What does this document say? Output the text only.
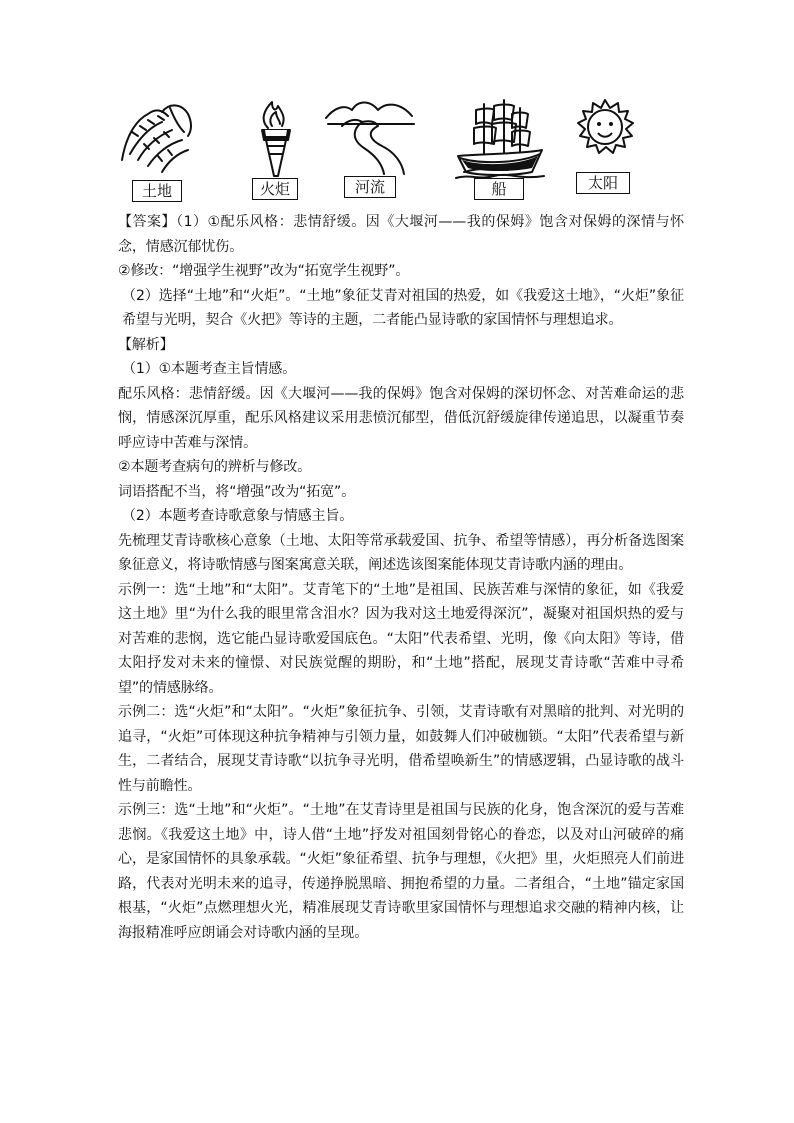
土地	火炬	河流	船	太阳

【答案】（1）①配乐风格：悲情舒缓。因《大堰河——我的保姆》饱含对保姆的深情与怀念，情感沉郁忧伤。

②修改：“增强学生视野”改为“拓宽学生视野”。

（2）选择“土地”和“火炬”。“土地”象征艾青对祖国的热爱，如《我爱这土地》，“火炬”象征希望与光明，契合《火把》等诗的主题，二者能凸显诗歌的家国情怀与理想追求。

【解析】

（1）①本题考查主旨情感。

配乐风格：悲情舒缓。因《大堰河——我的保姆》饱含对保姆的深切怀念、对苦难命运的悲悯，情感深沉厚重，配乐风格建议采用悲愤沉郁型，借低沉舒缓旋律传递追思，以凝重节奏呼应诗中苦难与深情。

②本题考查病句的辨析与修改。

词语搭配不当，将“增强”改为“拓宽”。

（2）本题考查诗歌意象与情感主旨。

先梳理艾青诗歌核心意象（土地、太阳等常承载爱国、抗争、希望等情感），再分析备选图案象征意义，将诗歌情感与图案寓意关联，阐述选该图案能体现艾青诗歌内涵的理由。

示例一：选“土地”和“太阳”。艾青笔下的“土地”是祖国、民族苦难与深情的象征，如《我爱这土地》里“为什么我的眼里常含泪水？因为我对这土地爱得深沉”，凝聚对祖国炽热的爱与对苦难的悲悯，选它能凸显诗歌爱国底色。“太阳”代表希望、光明，像《向太阳》等诗，借太阳抒发对未来的憧憬、对民族觉醒的期盼，和“土地”搭配，展现艾青诗歌“苦难中寻希望”的情感脉络。

示例二：选“火炬”和“太阳”。“火炬”象征抗争、引领，艾青诗歌有对黑暗的批判、对光明的追寻，“火炬”可体现这种抗争精神与引领力量，如鼓舞人们冲破枷锁。“太阳”代表希望与新生，二者结合，展现艾青诗歌“以抗争寻光明，借希望唤新生”的情感逻辑，凸显诗歌的战斗性与前瞻性。

示例三：选“土地”和“火炬”。“土地”在艾青诗里是祖国与民族的化身，饱含深沉的爱与苦难悲悯。《我爱这土地》中，诗人借“土地”抒发对祖国刻骨铭心的眷恋，以及对山河破碎的痛心，是家国情怀的具象承载。“火炬”象征希望、抗争与理想，《火把》里，火炬照亮人们前进路，代表对光明未来的追寻，传递挣脱黑暗、拥抱希望的力量。二者组合，“土地”锚定家国根基，“火炬”点燃理想火光，精准展现艾青诗歌里家国情怀与理想追求交融的精神内核，让海报精准呼应朗诵会对诗歌内涵的呈现。
